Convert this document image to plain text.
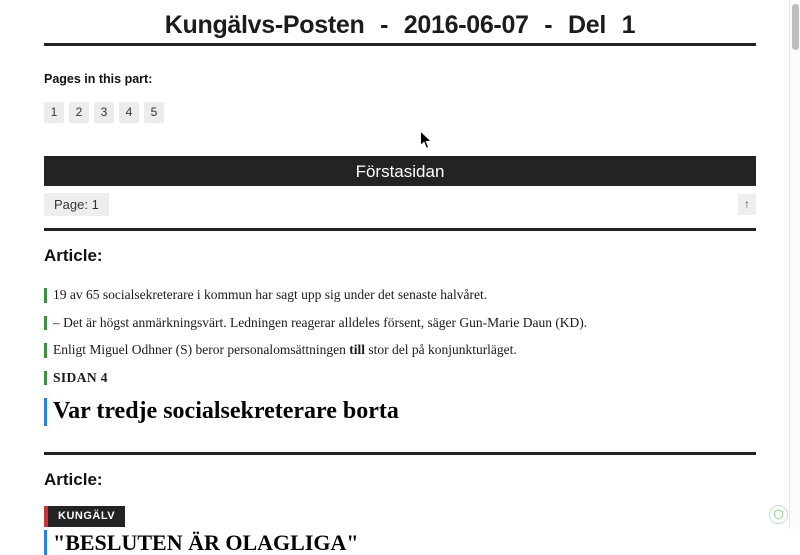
Kungälvs-Posten - 2016-06-07 - Del 1
Pages in this part:
1	2	3	4	5
Förstasidan
Page: 1	↑
Article:

19 av 65 socialsekreterare i kommun har sagt upp sig under det senaste halvåret.

– Det är högst anmärkningsvärt. Ledningen reagerar alldeles försent, säger Gun-Marie Daun (KD).

Enligt Miguel Odhner (S) beror personalomsättningen till stor del på konjunkturläget.

SIDAN 4

Var tredje socialsekreterare borta
Article:
KUNGÄLV
"BESLUTEN ÄR OLAGLIGA"
